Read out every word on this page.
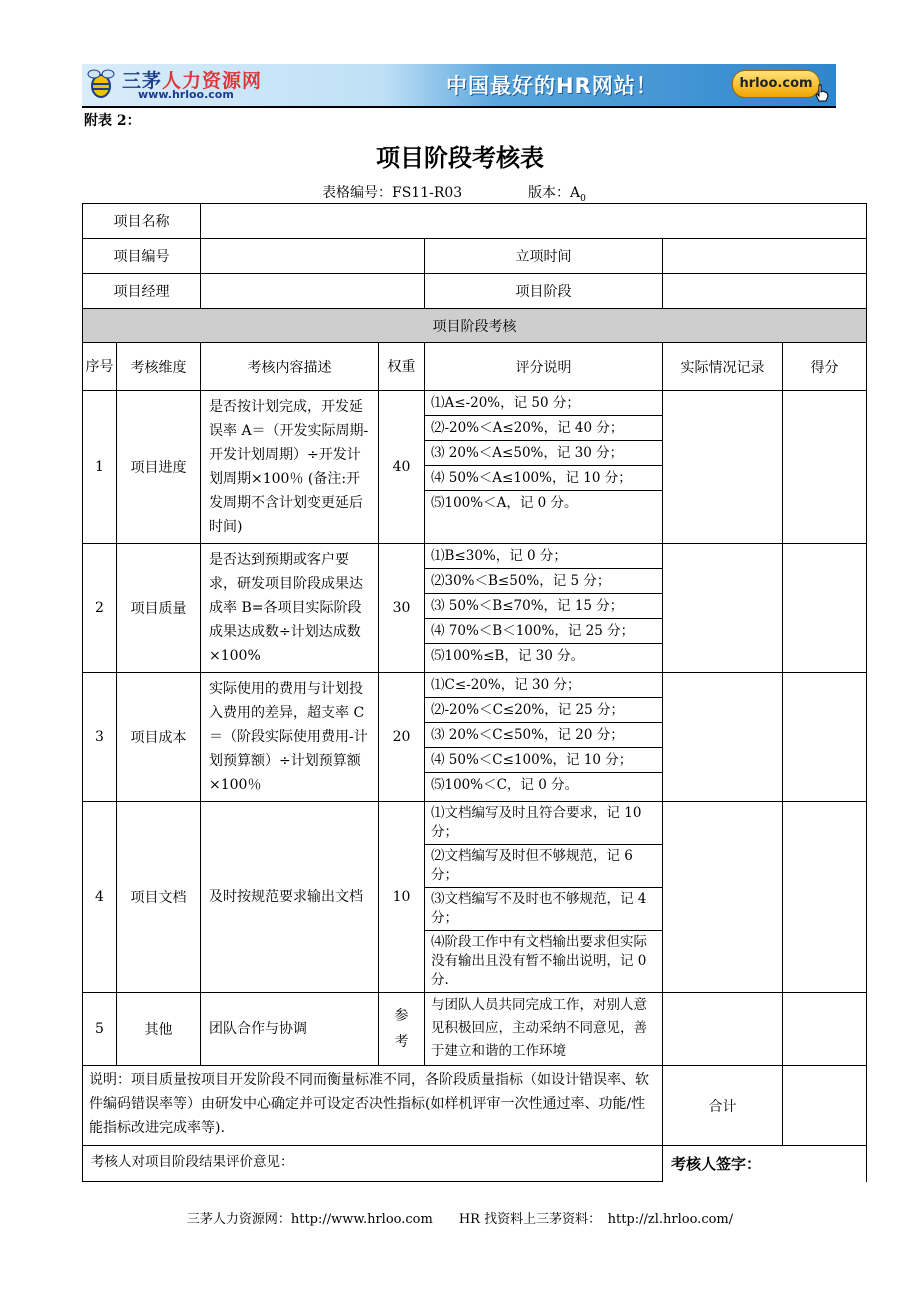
三茅人力资源网
www.hrloo.com	中国最好的HR网站！	hrloo.com
附表 2：
项目阶段考核表
表格编号：FS11-R03	版本：$A_0$
项目名称						
项目编号				立项时间		
项目经理				项目阶段		
项目阶段考核						
序号	考核维度	考核内容描述	权重	评分说明	实际情况记录	得分
1	项目进度	是否按计划完成，开发延误率 A＝（开发实际周期-开发计划周期）÷开发计划周期×100％ (备注:开发周期不含计划变更延后时间)	40	⑴A≤-20%，记 50 分；
⑵-20%＜A≤20%，记 40 分；
⑶ 20%＜A≤50%，记 30 分；
⑷ 50%＜A≤100%，记 10 分；
⑸100%＜A，记 0 分。		

2	项目质量	是否达到预期或客户要求，研发项目阶段成果达成率 B=各项目实际阶段成果达成数÷计划达成数×100%	30	⑴B≤30%，记 0 分；
⑵30%＜B≤50%，记 5 分；
⑶ 50%＜B≤70%，记 15 分；
⑷ 70%＜B＜100%，记 25 分；
⑸100%≤B，记 30 分。		

3	项目成本	实际使用的费用与计划投入费用的差异，超支率 C＝（阶段实际使用费用-计划预算额）÷计划预算额×100％	20	⑴C≤-20%，记 30 分；
⑵-20%＜C≤20%，记 25 分；
⑶ 20%＜C≤50%，记 20 分；
⑷ 50%＜C≤100%，记 10 分；
⑸100%＜C，记 0 分。		

4	项目文档	及时按规范要求输出文档	10	⑴文档编写及时且符合要求，记 10 分；
⑵文档编写及时但不够规范，记 6 分；
⑶文档编写不及时也不够规范，记 4 分；
⑷阶段工作中有文档输出要求但实际没有输出且没有暂不输出说明，记 0 分.		

5	其他	团队合作与协调	参考	与团队人员共同完成工作，对别人意见积极回应，主动采纳不同意见，善于建立和谐的工作环境		

说明：项目质量按项目开发阶段不同而衡量标准不同，各阶段质量指标（如设计错误率、软件编码错误率等）由研发中心确定并可设定否决性指标(如样机评审一次性通过率、功能/性能指标改进完成率等).					合计	
考核人对项目阶段结果评价意见：					考核人签字：	
三茅人力资源网：http://www.hrloo.com　　HR 找资料上三茅资料：　http://zl.hrloo.com/
